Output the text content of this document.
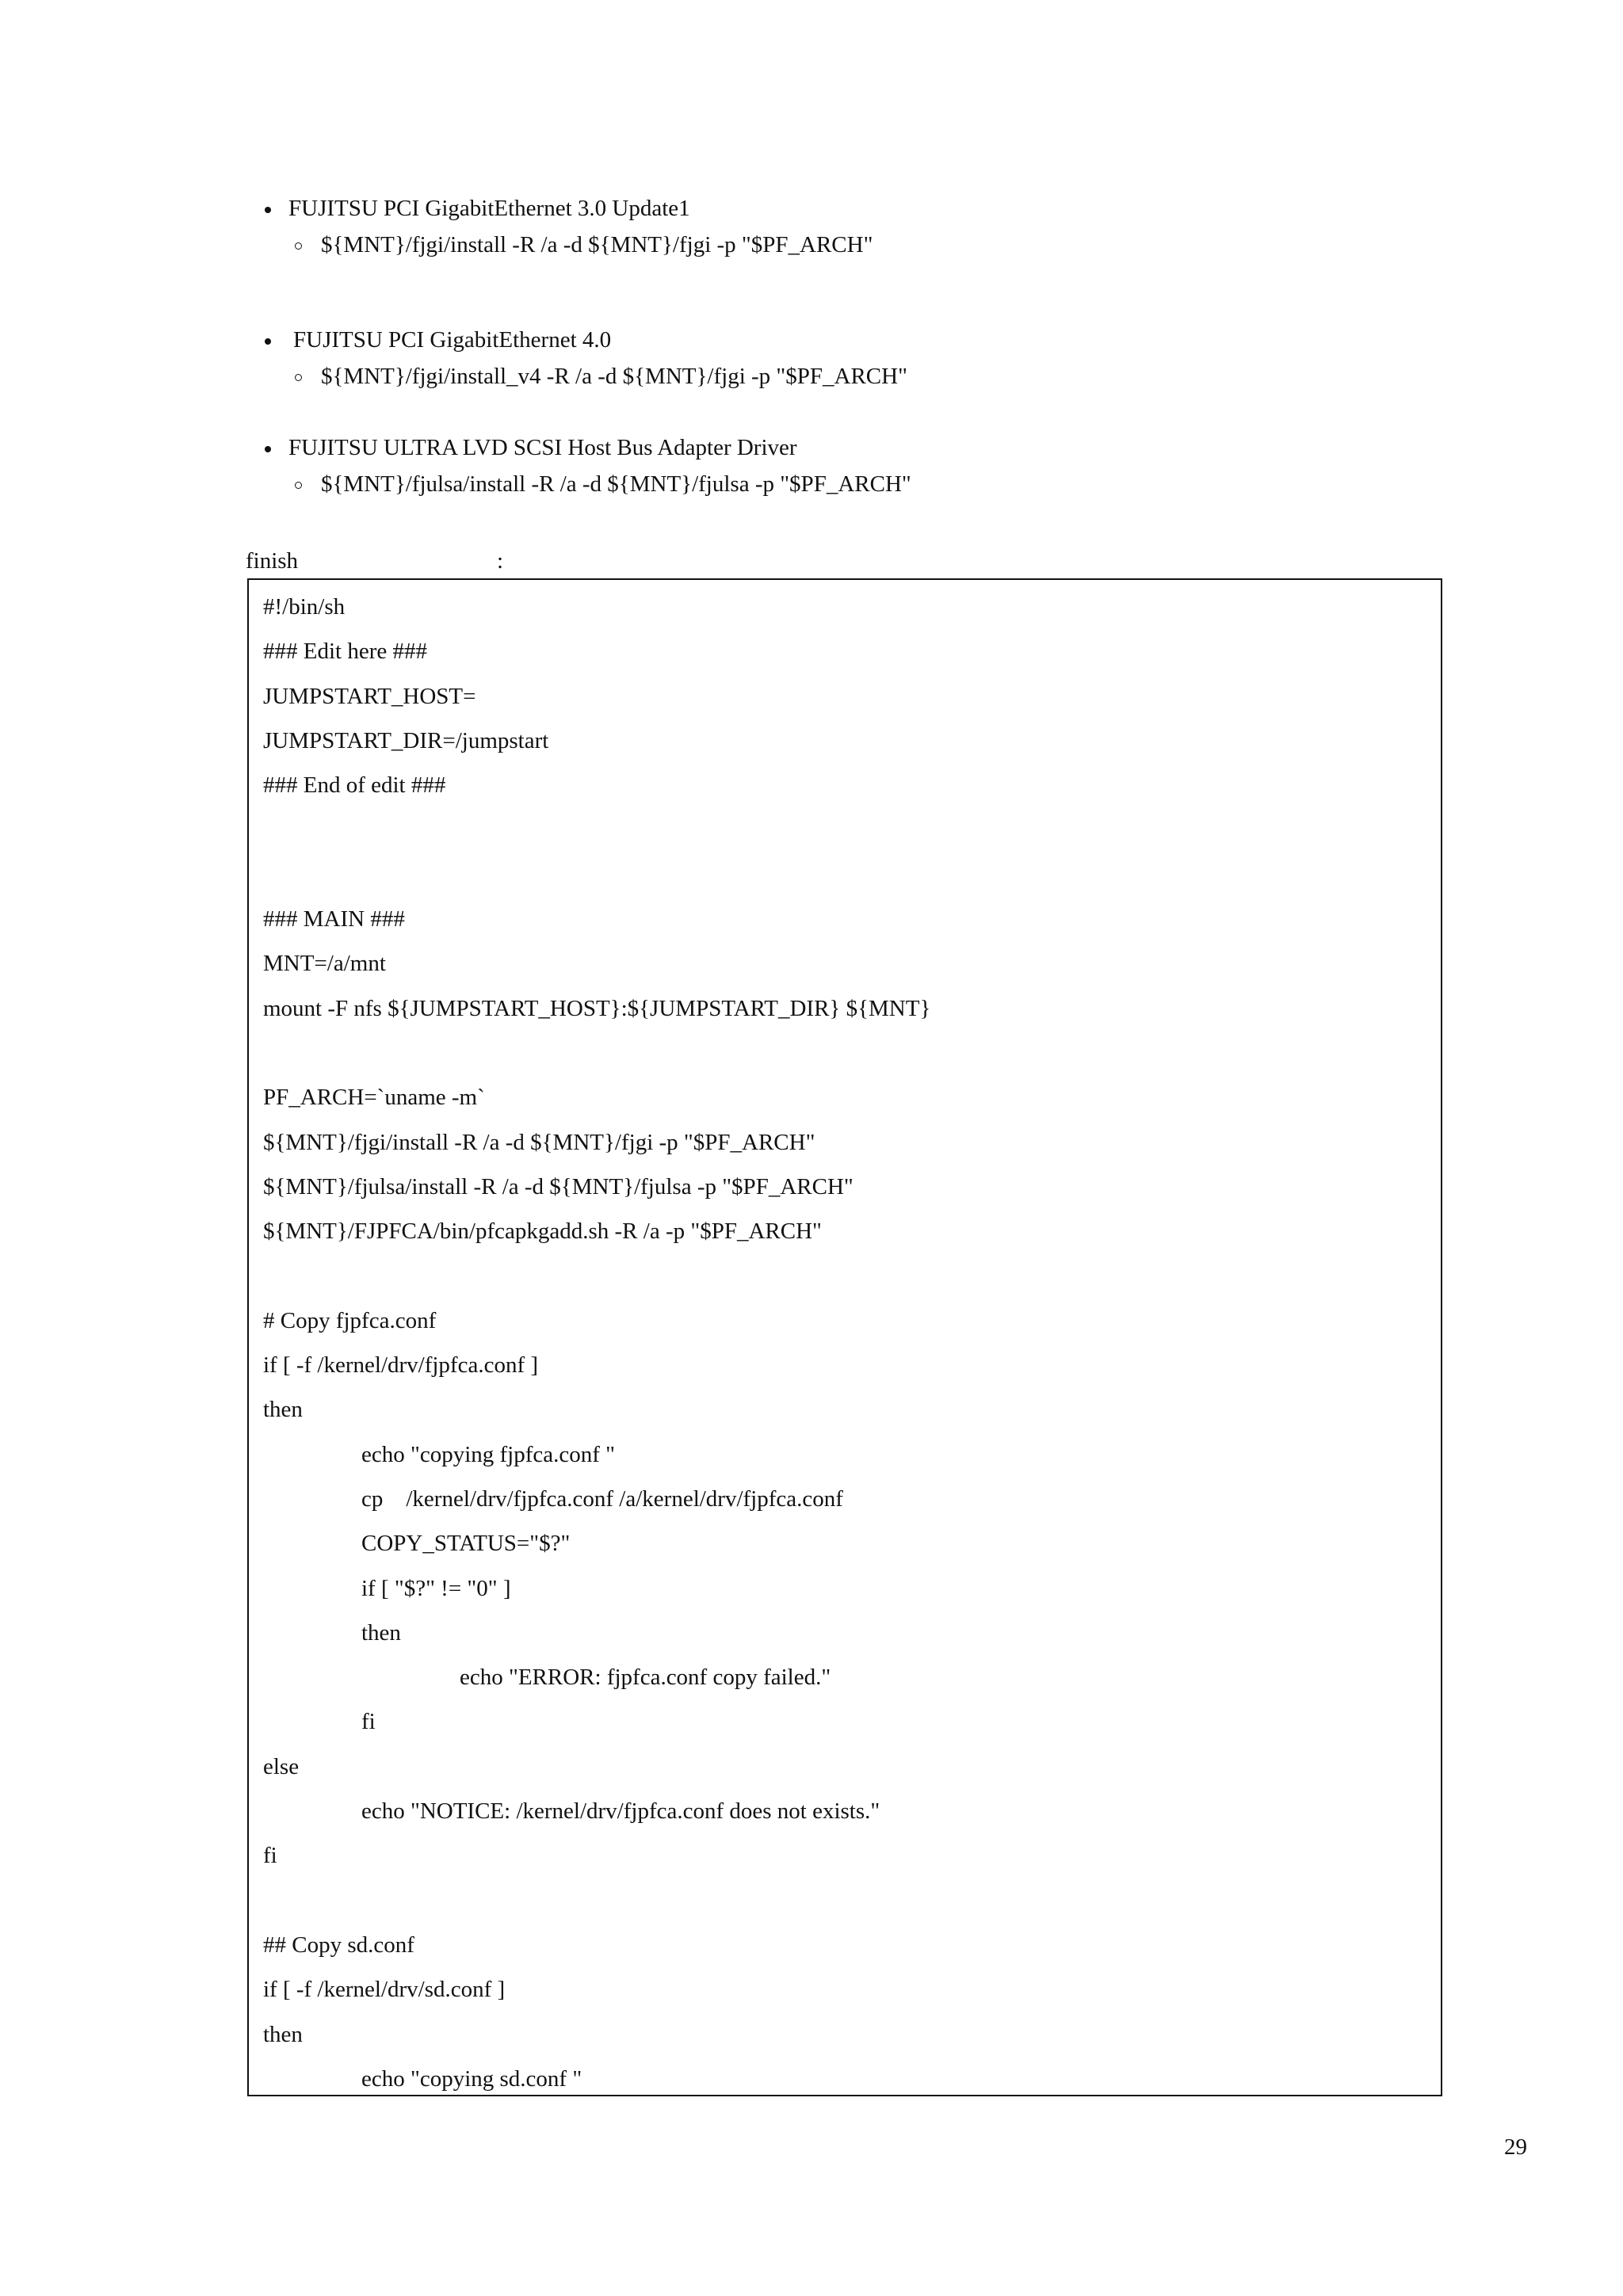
FUJITSU PCI GigabitEthernet 3.0 Update1
${MNT}/fjgi/install -R /a -d ${MNT}/fjgi -p "$PF_ARCH"
FUJITSU PCI GigabitEthernet 4.0
${MNT}/fjgi/install_v4 -R /a -d ${MNT}/fjgi -p "$PF_ARCH"
FUJITSU ULTRA LVD SCSI Host Bus Adapter Driver
${MNT}/fjulsa/install -R /a -d ${MNT}/fjulsa -p "$PF_ARCH"
finish	:
#!/bin/sh
### Edit here ###
JUMPSTART_HOST=
JUMPSTART_DIR=/jumpstart
### End of edit ###
### MAIN ###
MNT=/a/mnt
mount -F nfs ${JUMPSTART_HOST}:${JUMPSTART_DIR} ${MNT}
PF_ARCH=`uname -m`
${MNT}/fjgi/install -R /a -d ${MNT}/fjgi -p "$PF_ARCH"
${MNT}/fjulsa/install -R /a -d ${MNT}/fjulsa -p "$PF_ARCH"
${MNT}/FJPFCA/bin/pfcapkgadd.sh -R /a -p "$PF_ARCH"
# Copy fjpfca.conf
if [ -f /kernel/drv/fjpfca.conf ]
then
echo "copying fjpfca.conf "
cp    /kernel/drv/fjpfca.conf /a/kernel/drv/fjpfca.conf
COPY_STATUS="$?"
if [ "$?" != "0" ]
then
echo "ERROR: fjpfca.conf copy failed."
fi
else
echo "NOTICE: /kernel/drv/fjpfca.conf does not exists."
fi
## Copy sd.conf
if [ -f /kernel/drv/sd.conf ]
then
echo "copying sd.conf "
29
